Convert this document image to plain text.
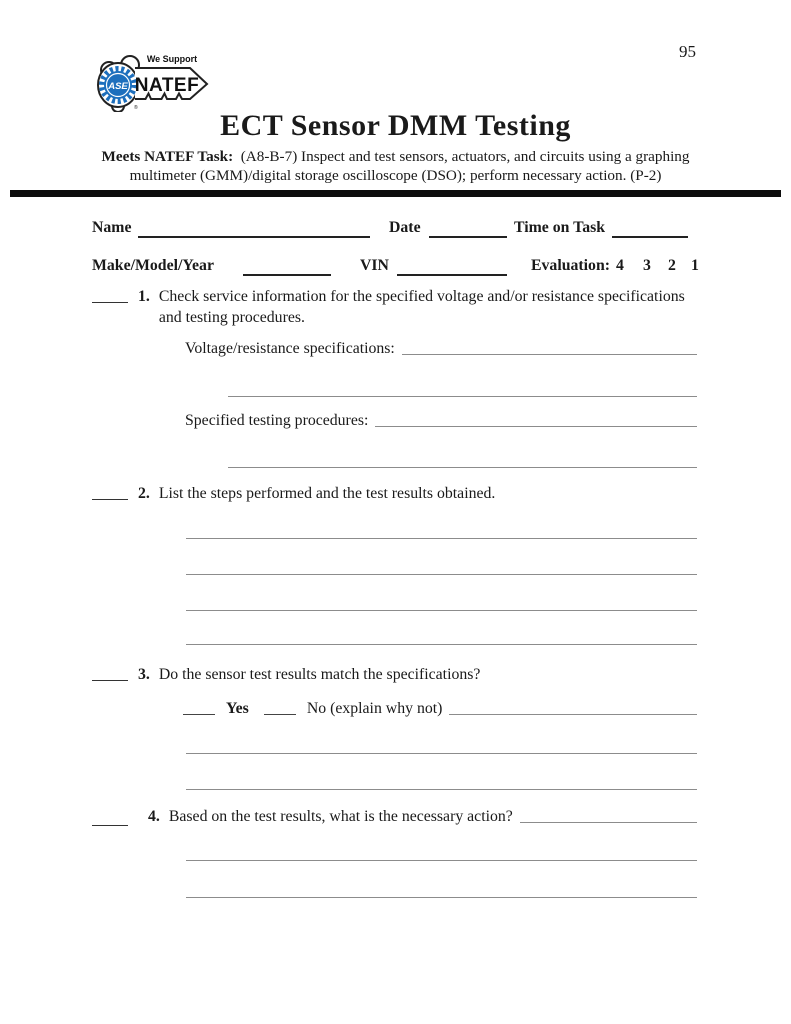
ASE
®
We Support
NATEF
95
ECT Sensor DMM Testing
Meets NATEF Task: (A8-B-7) Inspect and test sensors, actuators, and circuits using a graphing
multimeter (GMM)/digital storage oscilloscope (DSO); perform necessary action. (P-2)
Name	Date	Time on Task
Make/Model/Year	VIN	Evaluation: 4 3 2 1
1. Check service information for the specified voltage and/or resistance specifications
and testing procedures.
Voltage/resistance specifications:
Specified testing procedures:
2. List the steps performed and the test results obtained.
3. Do the sensor test results match the specifications?
Yes	No (explain why not)
4. Based on the test results, what is the necessary action?
